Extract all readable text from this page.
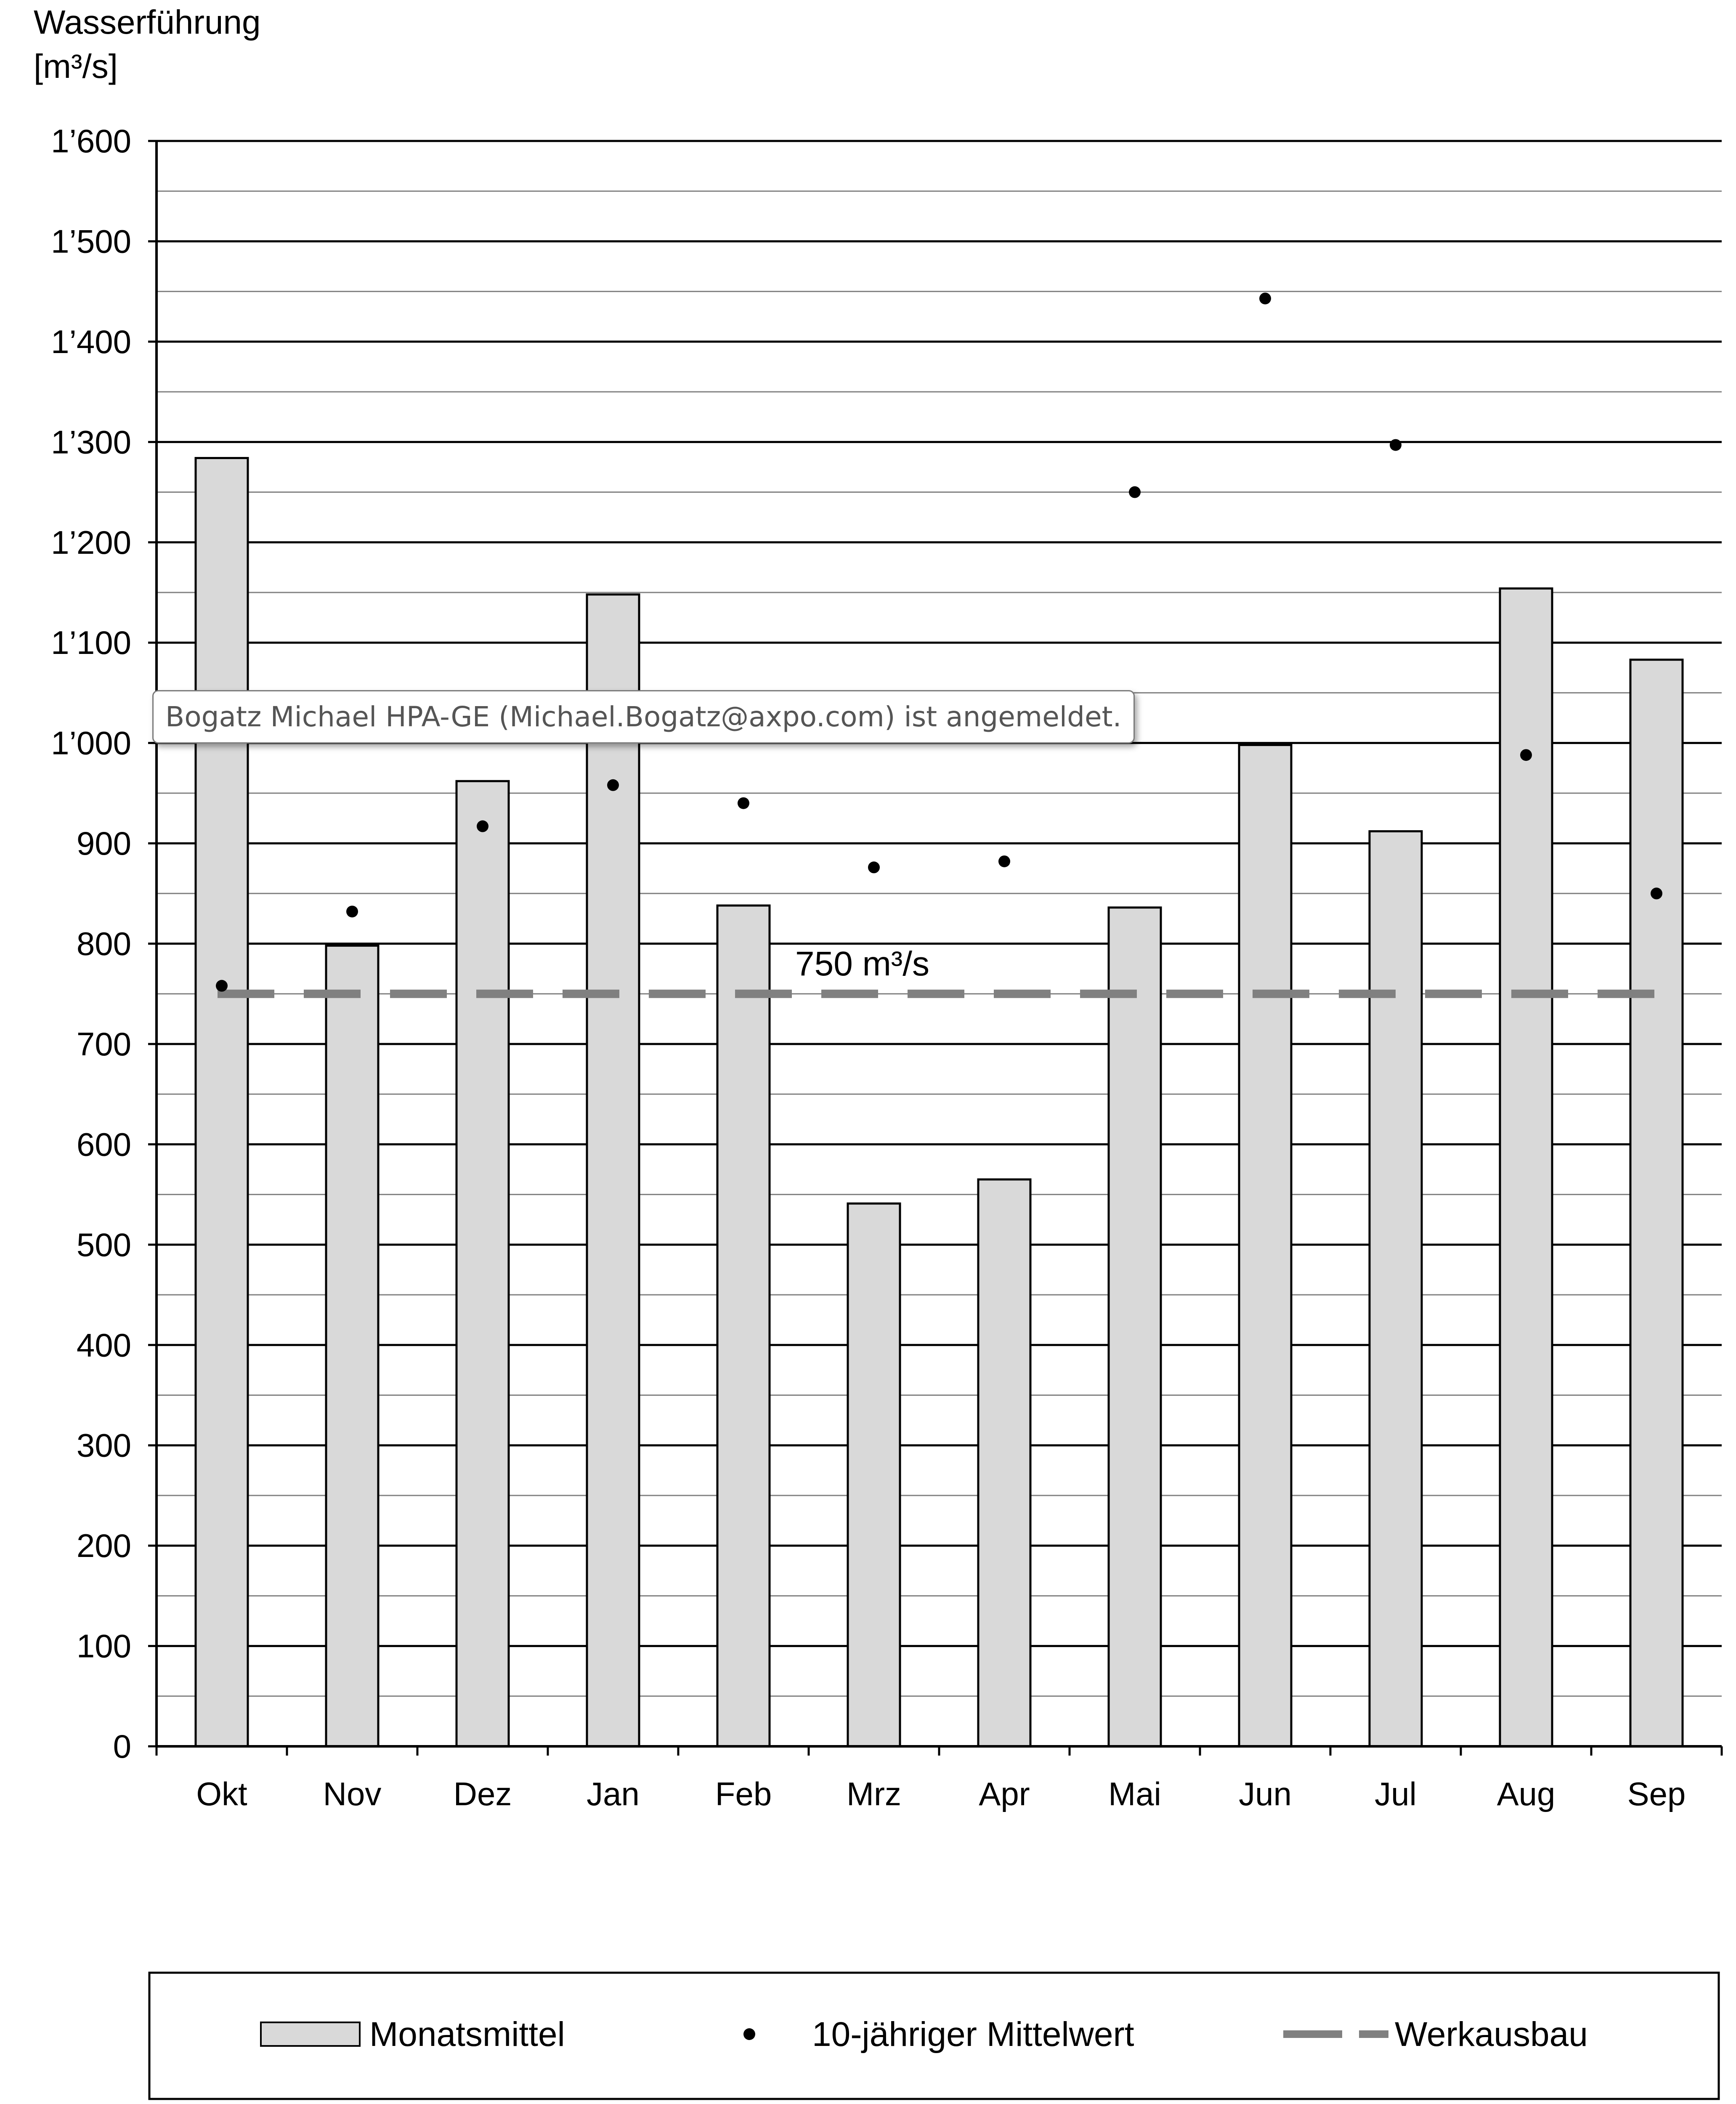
0
100
200
300
400
500
600
700
800
900
1’000
1’100
1’200
1’300
1’400
1’500
1’600
Okt Nov Dez Jan Feb Mrz Apr Mai Jun	Jul Aug Sep
Wasserführung
[m³/s]
750 m³/s
Monatsmittel	10-jähriger Mittelwert	Werkausbau
Bogatz Michael HPA-GE (Michael.Bogatz@axpo.com) ist angemeldet.
